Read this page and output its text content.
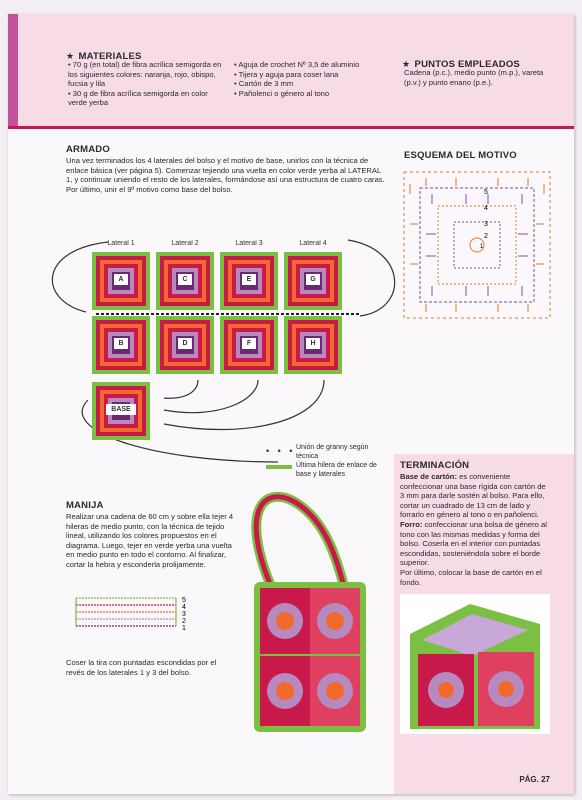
★ MATERIALES
• 70 g (en total) de fibra acrílica semigorda en los siguientes colores: naranja, rojo, obispo, fucsia y lila
• 30 g de fibra acrílica semigorda en color verde yerba
• Aguja de crochet Nº 3,5 de aluminio
• Tijera y aguja para coser lana
• Cartón de 3 mm
• Pañolenci o género al tono
★ PUNTOS EMPLEADOS
Cadena (p.c.), medio punto (m.p.), vareta (p.v.) y punto enano (p.e.).
ARMADO
Una vez terminados los 4 laterales del bolso y el motivo de base, unirlos con la técnica de enlace básica (ver página 5). Comenzar tejiendo una vuelta en color verde yerba al LATERAL 1, y continuar uniendo el resto de los laterales, formándose así una estructura de cuatro caras. Por último, unir el 9º motivo como base del bolso.
ESQUEMA DEL MOTIVO
5
4
3
2
1
Lateral 1	Lateral 2	Lateral 3	Lateral 4
• • • Unión de granny según técnica
Última hilera de enlace de base y laterales
MANIJA
Realizar una cadena de 60 cm y sobre ella tejer 4 hileras de medio punto, con la técnica de tejido lineal, utilizando los colores propuestos en el diagrama. Luego, tejer en verde yerba una vuelta en medio punto en todo el contorno. Al finalizar, cortar la hebra y esconderla prolijamente.
5
4
3
2
1
Coser la tira con puntadas escondidas por el revés de los laterales 1 y 3 del bolso.
TERMINACIÓN
Base de cartón: es conveniente confeccionar una base rígida con cartón de 3 mm para darle sostén al bolso. Para ello, cortar un cuadrado de 13 cm de lado y forrarlo en género al tono o en pañolenci.
Forro: confeccionar una bolsa de género al tono con las mismas medidas y forma del bolso. Coserla en el interior con puntadas escondidas, sosteniéndola sobre el borde superior.
Por último, colocar la base de cartón en el fondo.
PÁG. 27
A	C	E	G
B	D	F	H
BASE
